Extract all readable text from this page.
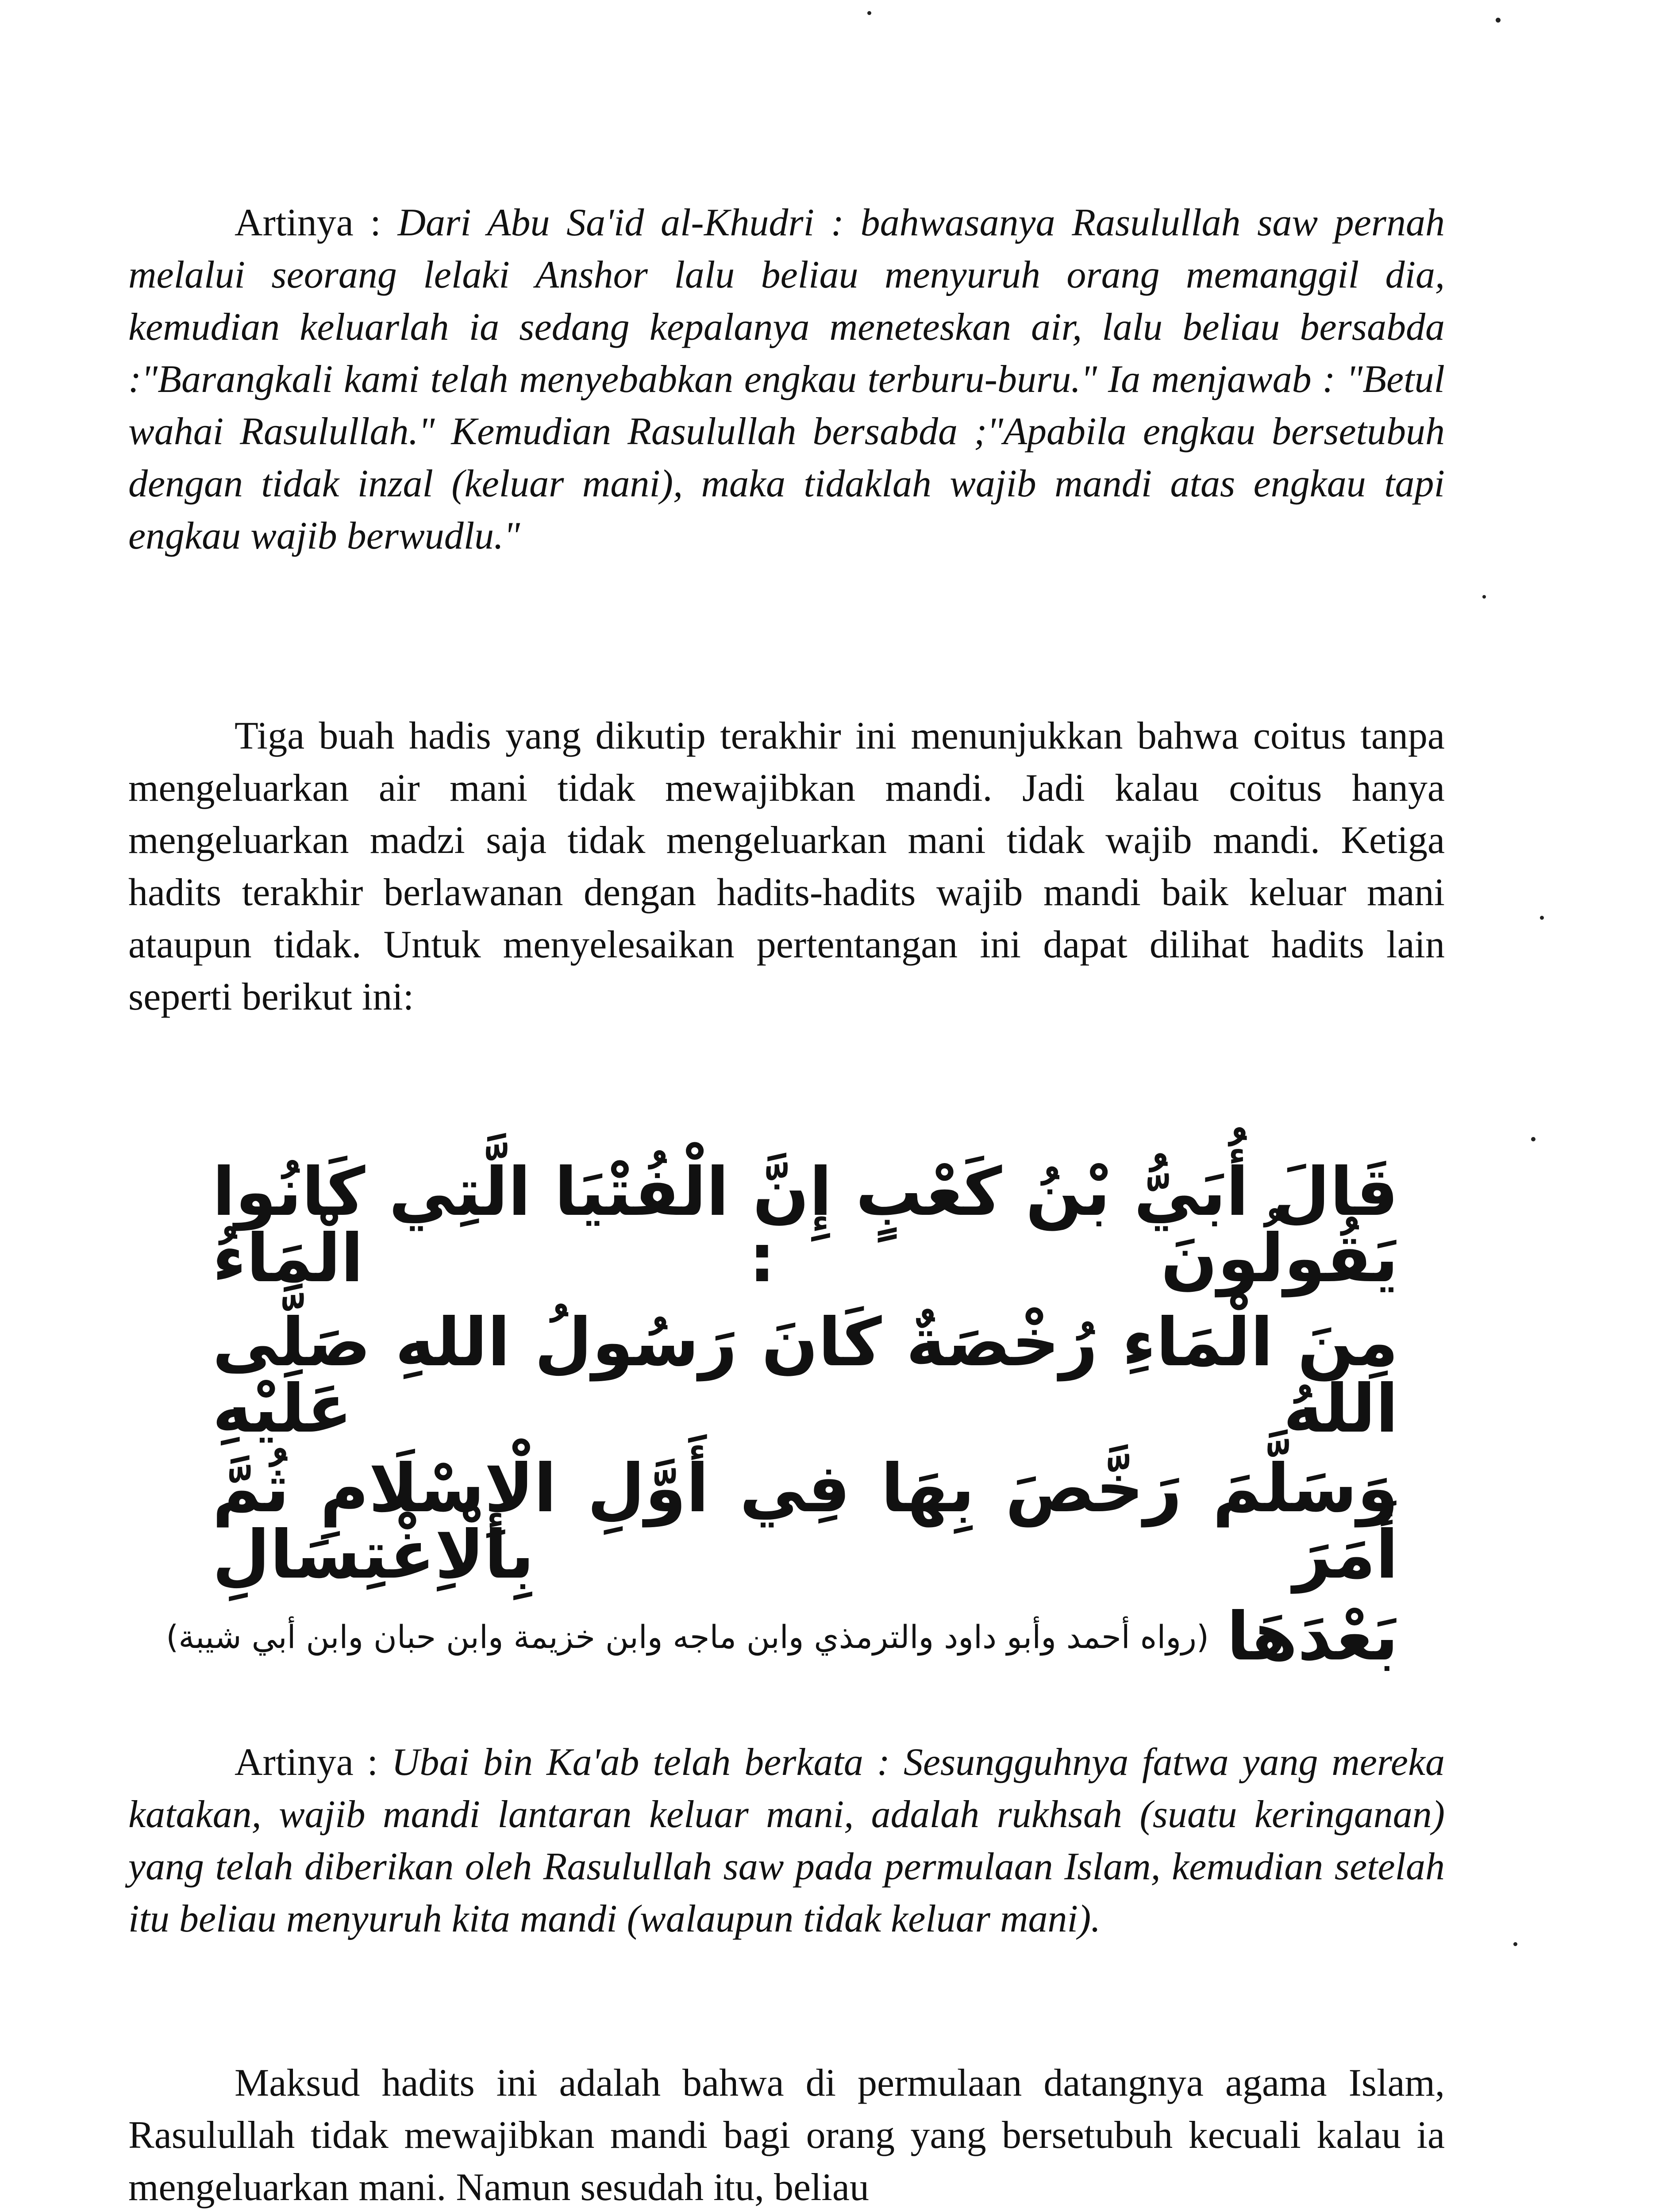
Artinya : Dari Abu Sa'id al-Khudri : bahwasanya Rasulullah saw pernah melalui seorang lelaki Anshor lalu beliau menyuruh orang memanggil dia, kemudian keluarlah ia sedang kepalanya meneteskan air, lalu beliau bersabda :"Barangkali kami telah menyebabkan engkau terburu-buru." Ia menjawab : "Betul wahai Rasulullah." Kemudian Rasulullah bersabda ;"Apabila engkau bersetubuh dengan tidak inzal (keluar mani), maka tidaklah wajib mandi atas engkau tapi engkau wajib berwudlu."

Tiga buah hadis yang dikutip terakhir ini menunjukkan bahwa coitus tanpa mengeluarkan air mani tidak mewajibkan mandi. Jadi kalau coitus hanya mengeluarkan madzi saja tidak mengeluarkan mani tidak wajib mandi. Ketiga hadits terakhir berlawanan dengan hadits-hadits wajib mandi baik keluar mani ataupun tidak. Untuk menyelesaikan pertentangan ini dapat dilihat hadits lain seperti berikut ini:

قَالَ أُبَيُّ بْنُ كَعْبٍ إِنَّ الْفُتْيَا الَّتِي كَانُوا يَقُولُونَ : الْمَاءُ

مِنَ الْمَاءِ رُخْصَةٌ كَانَ رَسُولُ اللهِ صَلَّى اللهُ عَلَيْهِ

وَسَلَّمَ رَخَّصَ بِهَا فِي أَوَّلِ الْإِسْلَامِ ثُمَّ أَمَرَ بِالْاِغْتِسَالِ

بَعْدَهَا
(رواه أحمد وأبو داود والترمذي وابن ماجه وابن خزيمة وابن حبان وابن أبي شيبة)

Artinya : Ubai bin Ka'ab telah berkata : Sesungguhnya fatwa yang mereka katakan, wajib mandi lantaran keluar mani, adalah rukhsah (suatu keringanan) yang telah diberikan oleh Rasulullah saw pada permulaan Islam, kemudian setelah itu beliau menyuruh kita mandi (walaupun tidak keluar mani).

Maksud hadits ini adalah bahwa di permulaan datangnya agama Islam, Rasulullah tidak mewajibkan mandi bagi orang yang bersetubuh kecuali kalau ia mengeluarkan mani. Namun sesudah itu, beliau
